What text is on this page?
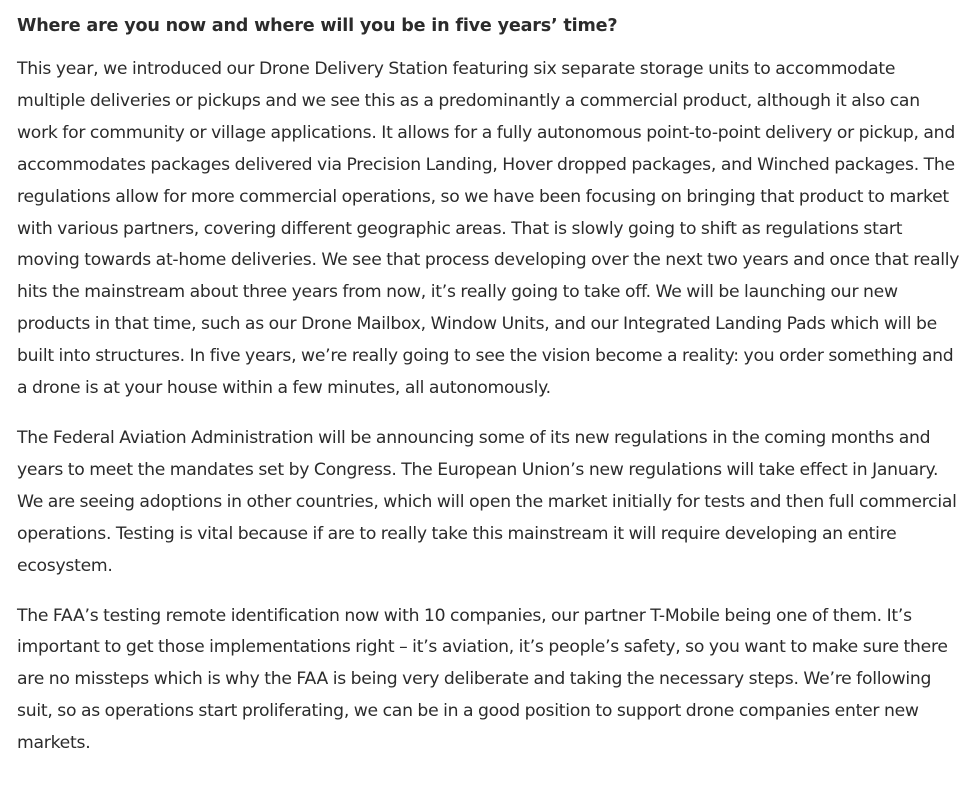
Where are you now and where will you be in five years’ time?

This year, we introduced our Drone Delivery Station featuring six separate storage units to accommodate multiple deliveries or pickups and we see this as a predominantly a commercial product, although it also can work for community or village applications. It allows for a fully autonomous point-to-point delivery or pickup, and accommodates packages delivered via Precision Landing, Hover dropped packages, and Winched packages. The regulations allow for more commercial operations, so we have been focusing on bringing that product to market with various partners, covering different geographic areas. That is slowly going to shift as regulations start moving towards at-home deliveries. We see that process developing over the next two years and once that really hits the mainstream about three years from now, it’s really going to take off. We will be launching our new products in that time, such as our Drone Mailbox, Window Units, and our Integrated Landing Pads which will be built into structures. In five years, we’re really going to see the vision become a reality: you order something and a drone is at your house within a few minutes, all autonomously.

The Federal Aviation Administration will be announcing some of its new regulations in the coming months and years to meet the mandates set by Congress. The European Union’s new regulations will take effect in January. We are seeing adoptions in other countries, which will open the market initially for tests and then full commercial operations. Testing is vital because if are to really take this mainstream it will require developing an entire ecosystem.

The FAA’s testing remote identification now with 10 companies, our partner T-Mobile being one of them. It’s important to get those implementations right – it’s aviation, it’s people’s safety, so you want to make sure there are no missteps which is why the FAA is being very deliberate and taking the necessary steps. We’re following suit, so as operations start proliferating, we can be in a good position to support drone companies enter new markets.
